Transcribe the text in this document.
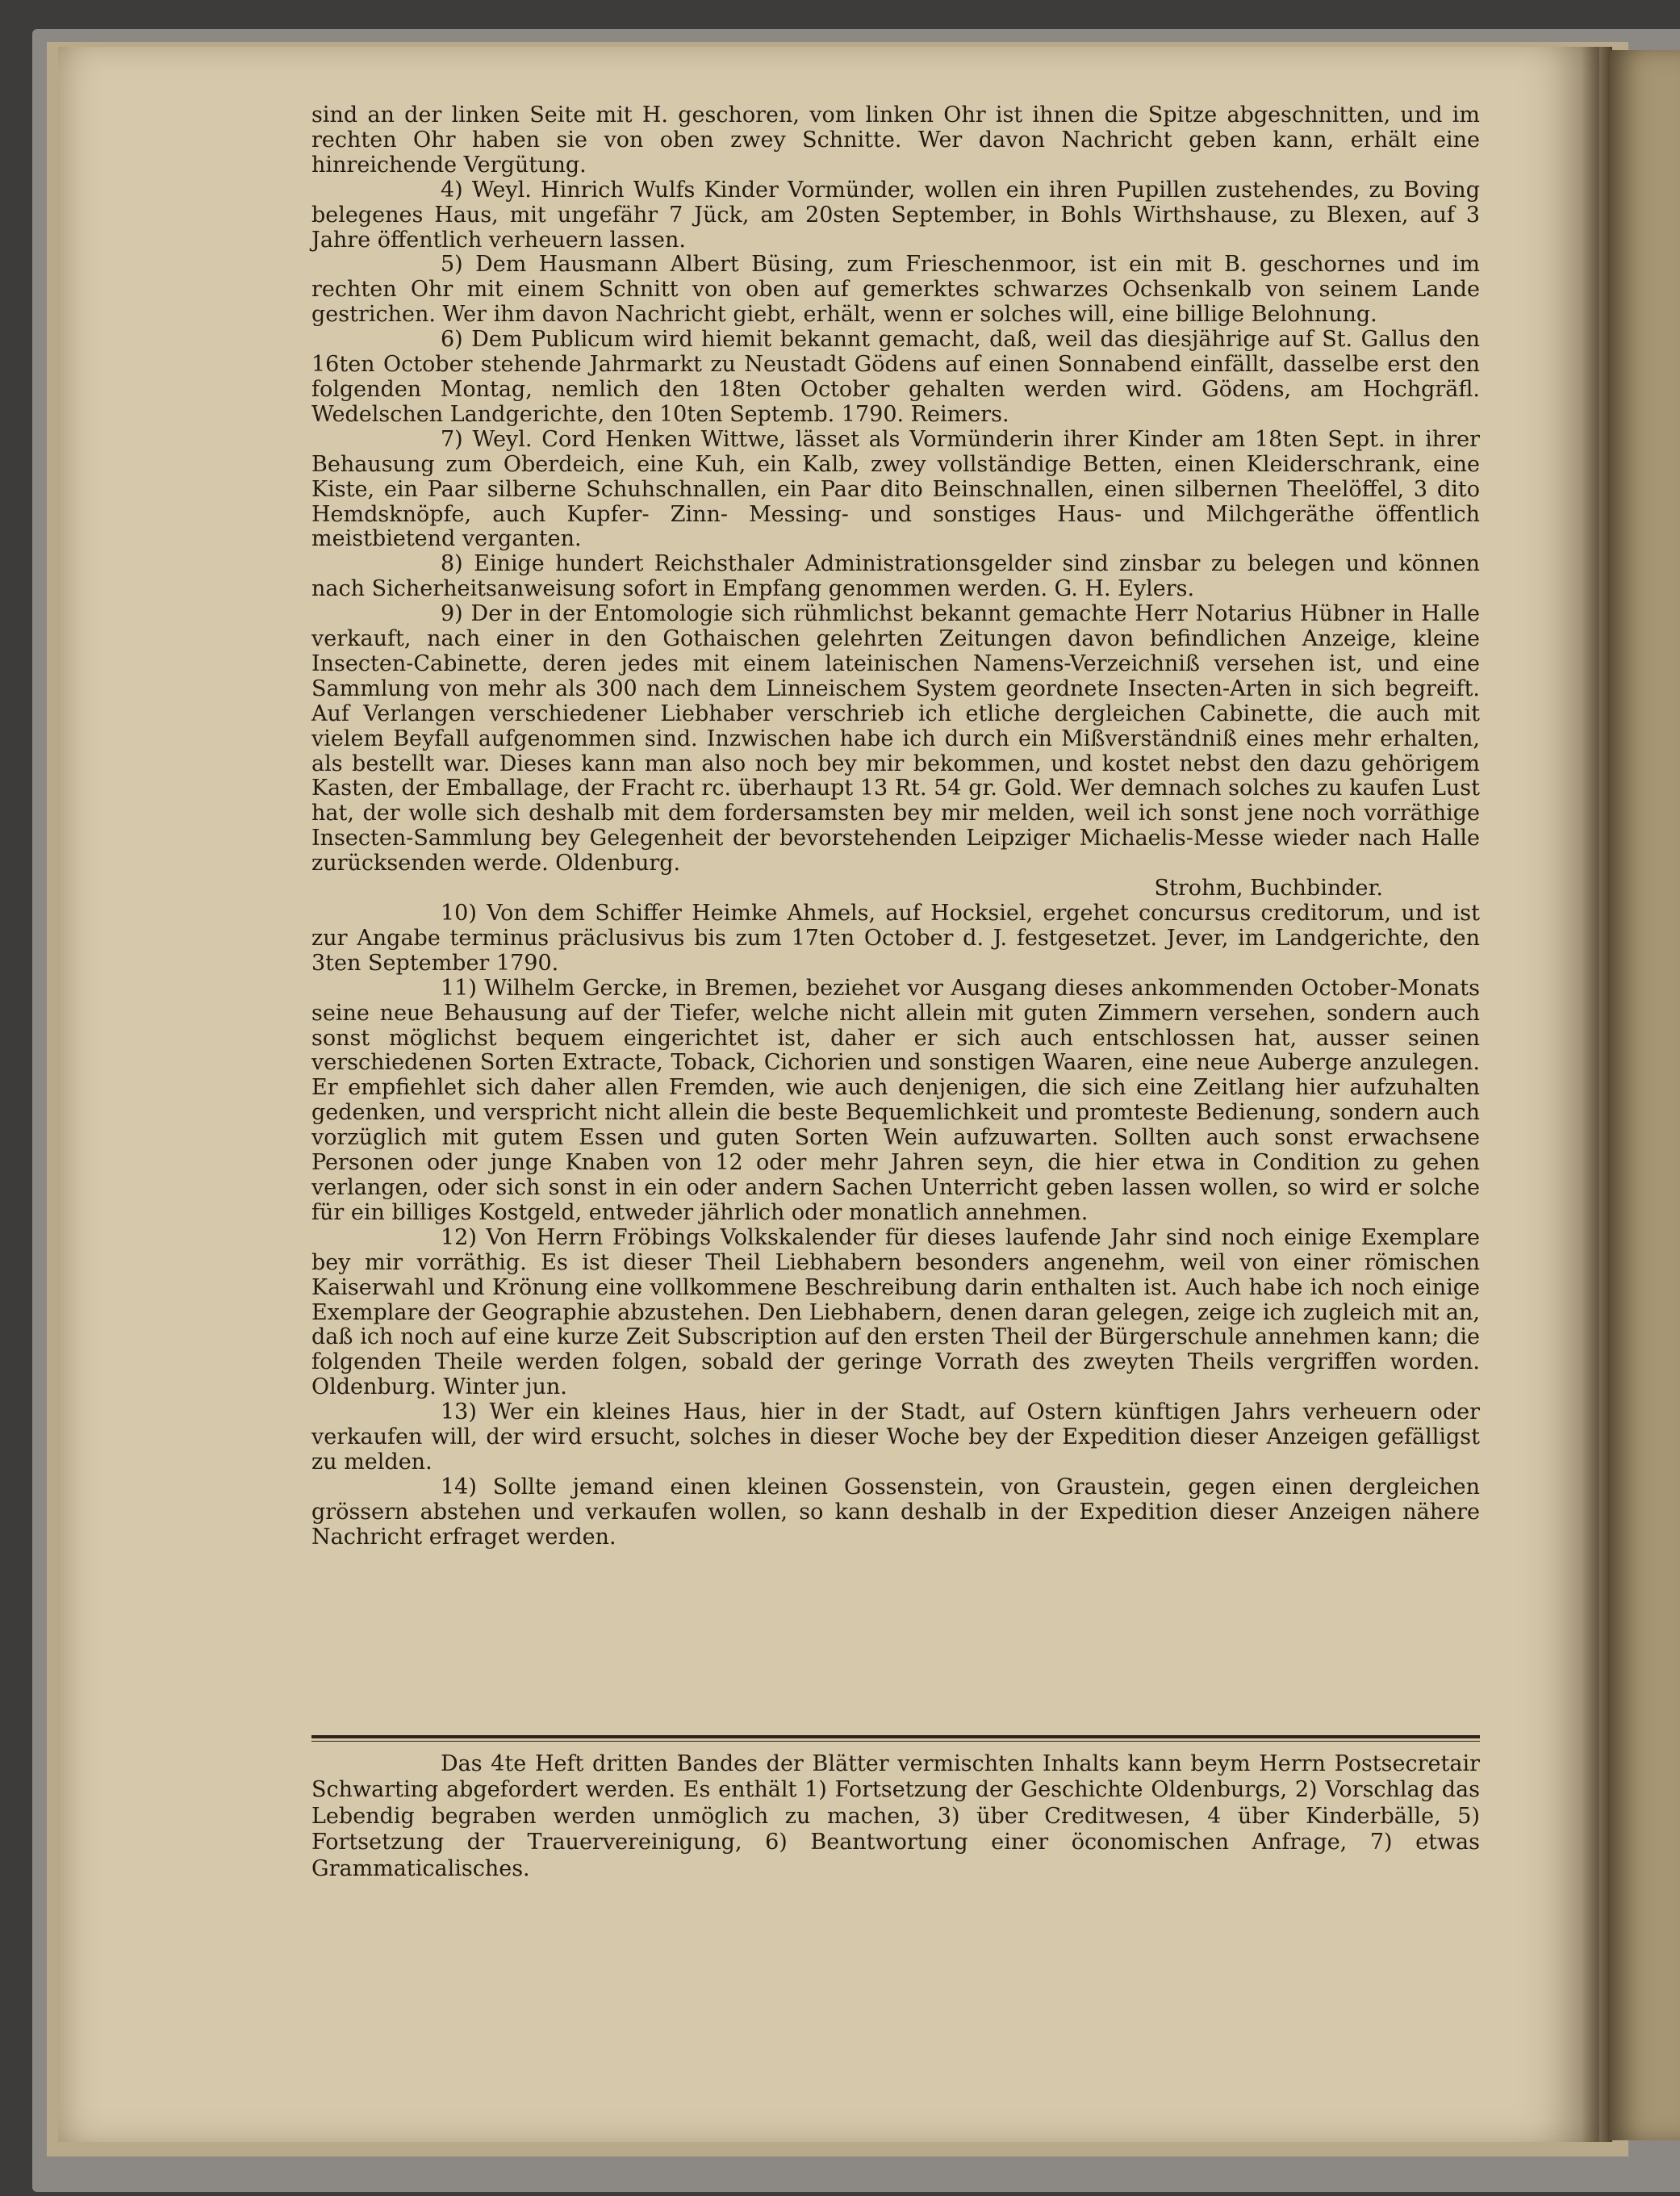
sind an der linken Seite mit H. geschoren, vom linken Ohr ist ihnen die Spitze abgeschnitten, und im rechten Ohr haben sie von oben zwey Schnitte. Wer davon Nachricht geben kann, erhält eine hinreichende Vergütung.

4) Weyl. Hinrich Wulfs Kinder Vormünder, wollen ein ihren Pupillen zustehendes, zu Boving belegenes Haus, mit ungefähr 7 Jück, am 20sten September, in Bohls Wirthshause, zu Blexen, auf 3 Jahre öffentlich verheuern lassen.

5) Dem Hausmann Albert Büsing, zum Frieschenmoor, ist ein mit B. geschornes und im rechten Ohr mit einem Schnitt von oben auf gemerktes schwarzes Ochsenkalb von seinem Lande gestrichen. Wer ihm davon Nachricht giebt, erhält, wenn er solches will, eine billige Belohnung.

6) Dem Publicum wird hiemit bekannt gemacht, daß, weil das diesjährige auf St. Gallus den 16ten October stehende Jahrmarkt zu Neustadt Gödens auf einen Sonnabend einfällt, dasselbe erst den folgenden Montag, nemlich den 18ten October gehalten werden wird. Gödens, am Hochgräfl. Wedelschen Landgerichte, den 10ten Septemb. 1790. Reimers.

7) Weyl. Cord Henken Wittwe, lässet als Vormünderin ihrer Kinder am 18ten Sept. in ihrer Behausung zum Oberdeich, eine Kuh, ein Kalb, zwey vollständige Betten, einen Kleiderschrank, eine Kiste, ein Paar silberne Schuhschnallen, ein Paar dito Beinschnallen, einen silbernen Theelöffel, 3 dito Hemdsknöpfe, auch Kupfer- Zinn- Messing- und sonstiges Haus- und Milchgeräthe öffentlich meistbietend verganten.

8) Einige hundert Reichsthaler Administrationsgelder sind zinsbar zu belegen und können nach Sicherheitsanweisung sofort in Empfang genommen werden. G. H. Eylers.

9) Der in der Entomologie sich rühmlichst bekannt gemachte Herr Notarius Hübner in Halle verkauft, nach einer in den Gothaischen gelehrten Zeitungen davon befindlichen Anzeige, kleine Insecten-Cabinette, deren jedes mit einem lateinischen Namens-Verzeichniß versehen ist, und eine Sammlung von mehr als 300 nach dem Linneischem System geordnete Insecten-Arten in sich begreift. Auf Verlangen verschiedener Liebhaber verschrieb ich etliche dergleichen Cabinette, die auch mit vielem Beyfall aufgenommen sind. Inzwischen habe ich durch ein Mißverständniß eines mehr erhalten, als bestellt war. Dieses kann man also noch bey mir bekommen, und kostet nebst den dazu gehörigem Kasten, der Emballage, der Fracht rc. überhaupt 13 Rt. 54 gr. Gold. Wer demnach solches zu kaufen Lust hat, der wolle sich deshalb mit dem fordersamsten bey mir melden, weil ich sonst jene noch vorräthige Insecten-Sammlung bey Gelegenheit der bevorstehenden Leipziger Michaelis-Messe wieder nach Halle zurücksenden werde. Oldenburg.

Strohm, Buchbinder.

10) Von dem Schiffer Heimke Ahmels, auf Hocksiel, ergehet concursus creditorum, und ist zur Angabe terminus präclusivus bis zum 17ten October d. J. festgesetzet. Jever, im Landgerichte, den 3ten September 1790.

11) Wilhelm Gercke, in Bremen, beziehet vor Ausgang dieses ankommenden October-Monats seine neue Behausung auf der Tiefer, welche nicht allein mit guten Zimmern versehen, sondern auch sonst möglichst bequem eingerichtet ist, daher er sich auch entschlossen hat, ausser seinen verschiedenen Sorten Extracte, Toback, Cichorien und sonstigen Waaren, eine neue Auberge anzulegen. Er empfiehlet sich daher allen Fremden, wie auch denjenigen, die sich eine Zeitlang hier aufzuhalten gedenken, und verspricht nicht allein die beste Bequemlichkeit und promteste Bedienung, sondern auch vorzüglich mit gutem Essen und guten Sorten Wein aufzuwarten. Sollten auch sonst erwachsene Personen oder junge Knaben von 12 oder mehr Jahren seyn, die hier etwa in Condition zu gehen verlangen, oder sich sonst in ein oder andern Sachen Unterricht geben lassen wollen, so wird er solche für ein billiges Kostgeld, entweder jährlich oder monatlich annehmen.

12) Von Herrn Fröbings Volkskalender für dieses laufende Jahr sind noch einige Exemplare bey mir vorräthig. Es ist dieser Theil Liebhabern besonders angenehm, weil von einer römischen Kaiserwahl und Krönung eine vollkommene Beschreibung darin enthalten ist. Auch habe ich noch einige Exemplare der Geographie abzustehen. Den Liebhabern, denen daran gelegen, zeige ich zugleich mit an, daß ich noch auf eine kurze Zeit Subscription auf den ersten Theil der Bürgerschule annehmen kann; die folgenden Theile werden folgen, sobald der geringe Vorrath des zweyten Theils vergriffen worden. Oldenburg. Winter jun.

13) Wer ein kleines Haus, hier in der Stadt, auf Ostern künftigen Jahrs verheuern oder verkaufen will, der wird ersucht, solches in dieser Woche bey der Expedition dieser Anzeigen gefälligst zu melden.

14) Sollte jemand einen kleinen Gossenstein, von Graustein, gegen einen dergleichen grössern abstehen und verkaufen wollen, so kann deshalb in der Expedition dieser Anzeigen nähere Nachricht erfraget werden.

Das 4te Heft dritten Bandes der Blätter vermischten Inhalts kann beym Herrn Postsecretair Schwarting abgefordert werden. Es enthält 1) Fortsetzung der Geschichte Oldenburgs, 2) Vorschlag das Lebendig begraben werden unmöglich zu machen, 3) über Creditwesen, 4 über Kinderbälle, 5) Fortsetzung der Trauervereinigung, 6) Beantwortung einer öconomischen Anfrage, 7) etwas Grammaticalisches.
